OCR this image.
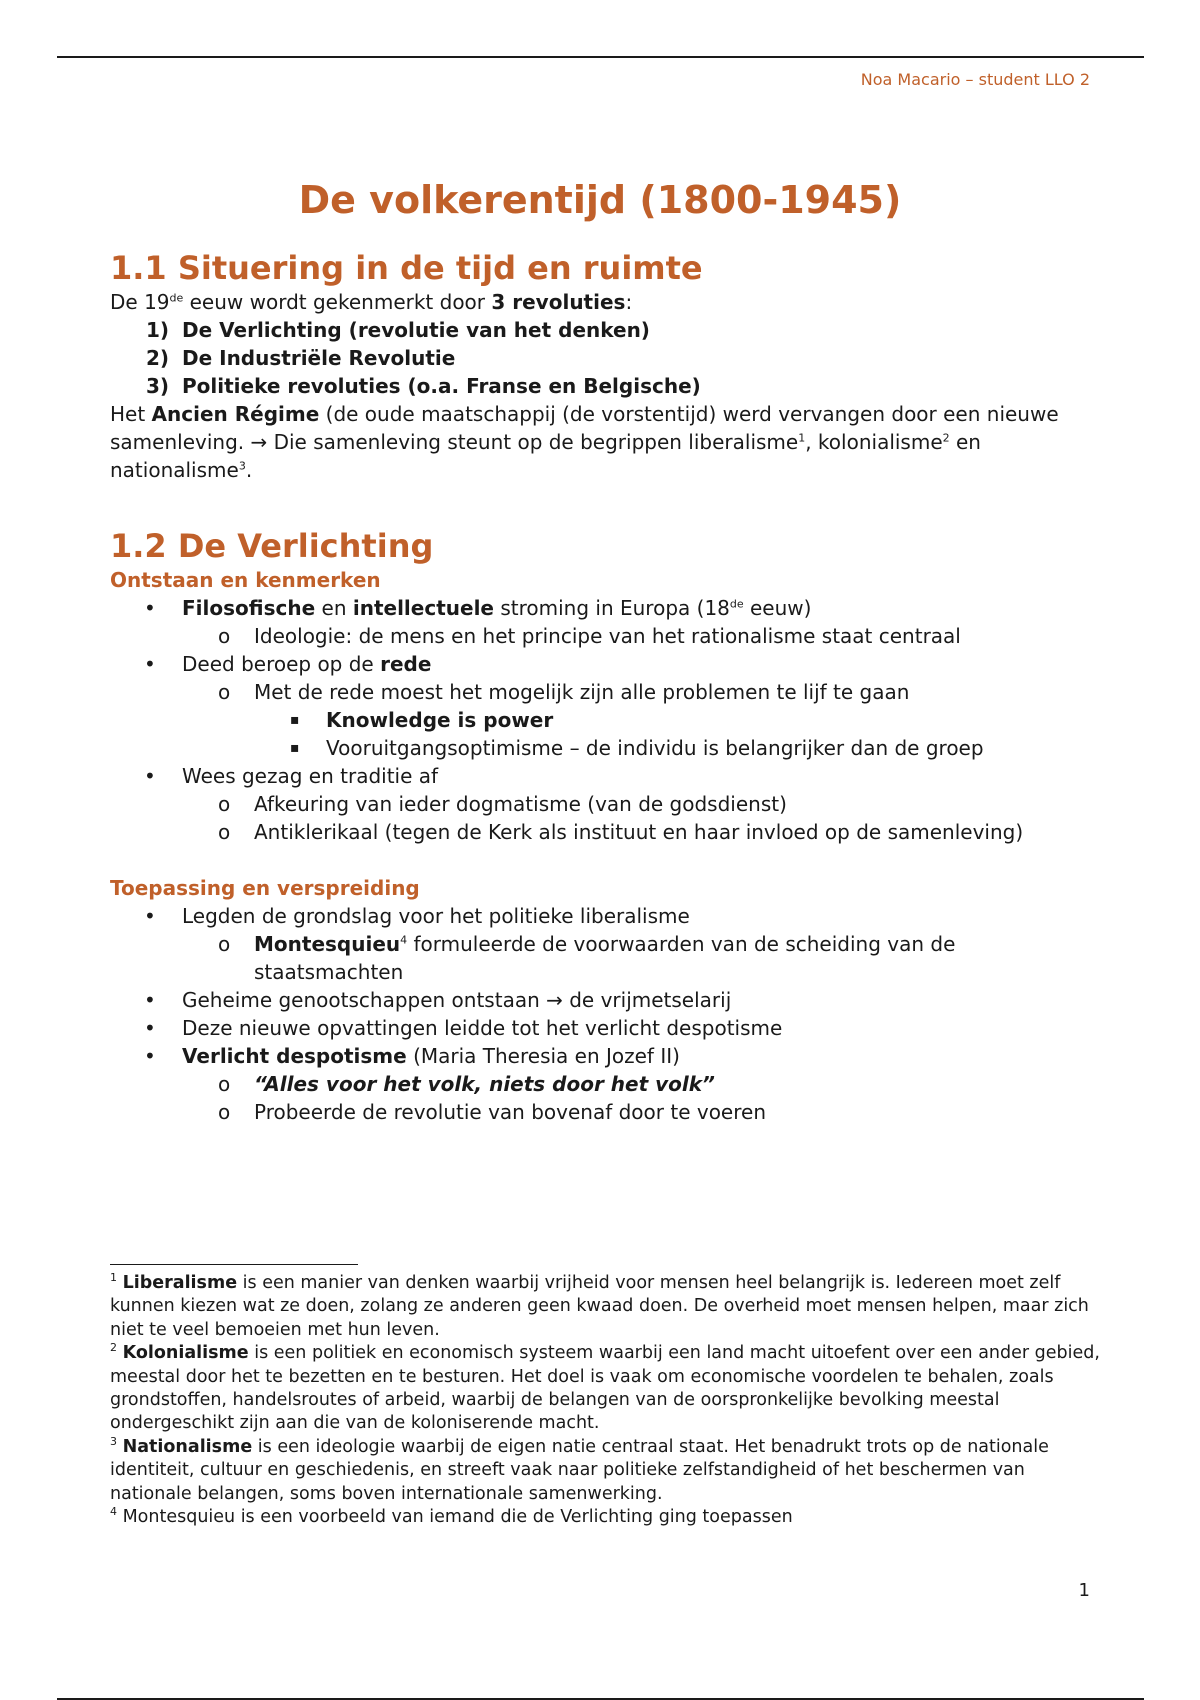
Noa Macario – student LLO 2
De volkerentijd (1800-1945)
1.1 Situering in de tijd en ruimte

De 19de eeuw wordt gekenmerkt door 3 revoluties:

1) De Verlichting (revolutie van het denken)
2) De Industriële Revolutie
3) Politieke revoluties (o.a. Franse en Belgische)

Het Ancien Régime (de oude maatschappij (de vorstentijd) werd vervangen door een nieuwe samenleving. → Die samenleving steunt op de begrippen liberalisme$^1$, kolonialisme$^2$ en nationalisme$^3$.

1.2 De Verlichting
Ontstaan en kenmerken
• Filosofische en intellectuele stroming in Europa (18de eeuw)
o Ideologie: de mens en het principe van het rationalisme staat centraal
• Deed beroep op de rede
o Met de rede moest het mogelijk zijn alle problemen te lijf te gaan
▪ Knowledge is power
▪ Vooruitgangsoptimisme – de individu is belangrijker dan de groep
• Wees gezag en traditie af
o Afkeuring van ieder dogmatisme (van de godsdienst)
o Antiklerikaal (tegen de Kerk als instituut en haar invloed op de samenleving)
Toepassing en verspreiding
• Legden de grondslag voor het politieke liberalisme
o Montesquieu$^4$ formuleerde de voorwaarden van de scheiding van de staatsmachten
• Geheime genootschappen ontstaan → de vrijmetselarij
• Deze nieuwe opvattingen leidde tot het verlicht despotisme
• Verlicht despotisme (Maria Theresia en Jozef II)
o “Alles voor het volk, niets door het volk”
o Probeerde de revolutie van bovenaf door te voeren

$^1$ Liberalisme is een manier van denken waarbij vrijheid voor mensen heel belangrijk is. Iedereen moet zelf kunnen kiezen wat ze doen, zolang ze anderen geen kwaad doen. De overheid moet mensen helpen, maar zich niet te veel bemoeien met hun leven.

$^2$ Kolonialisme is een politiek en economisch systeem waarbij een land macht uitoefent over een ander gebied, meestal door het te bezetten en te besturen. Het doel is vaak om economische voordelen te behalen, zoals grondstoffen, handelsroutes of arbeid, waarbij de belangen van de oorspronkelijke bevolking meestal ondergeschikt zijn aan die van de koloniserende macht.

$^3$ Nationalisme is een ideologie waarbij de eigen natie centraal staat. Het benadrukt trots op de nationale identiteit, cultuur en geschiedenis, en streeft vaak naar politieke zelfstandigheid of het beschermen van nationale belangen, soms boven internationale samenwerking.

$^4$ Montesquieu is een voorbeeld van iemand die de Verlichting ging toepassen

1
